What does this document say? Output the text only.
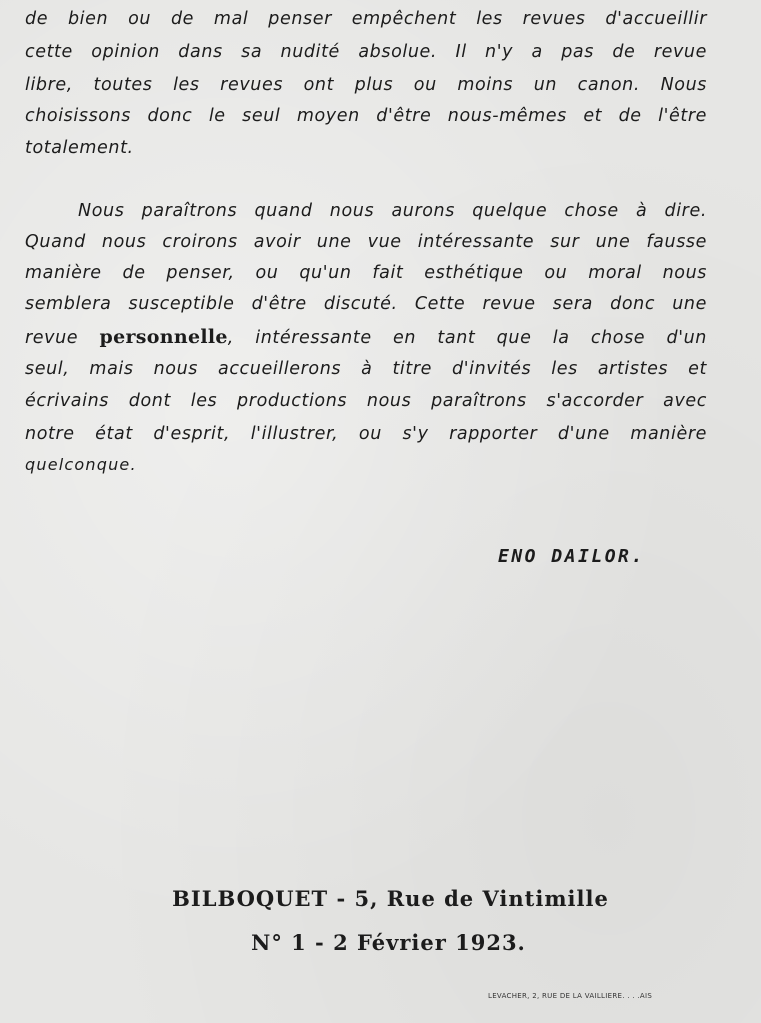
de bien ou de mal penser empêchent les revues d'accueillir
cette opinion dans sa nudité absolue. Il n'y a pas de revue
libre, toutes les revues ont plus ou moins un canon. Nous
choisissons donc le seul moyen d'être nous-mêmes et de l'être
totalement.
Nous paraîtrons quand nous aurons quelque chose à dire.
Quand nous croirons avoir une vue intéressante sur une fausse
manière de penser, ou qu'un fait esthétique ou moral nous
semblera susceptible d'être discuté. Cette revue sera donc une
revue personnelle, intéressante en tant que la chose d'un
seul, mais nous accueillerons à titre d'invités les artistes et
écrivains dont les productions nous paraîtrons s'accorder avec
notre état d'esprit, l'illustrer, ou s'y rapporter d'une manière
quelconque.
ENO DAILOR.
BILBOQUET - 5, Rue de Vintimille
N° 1 - 2 Février 1923.
LEVACHER, 2, RUE DE LA VAILLIERE. . . .AIS
